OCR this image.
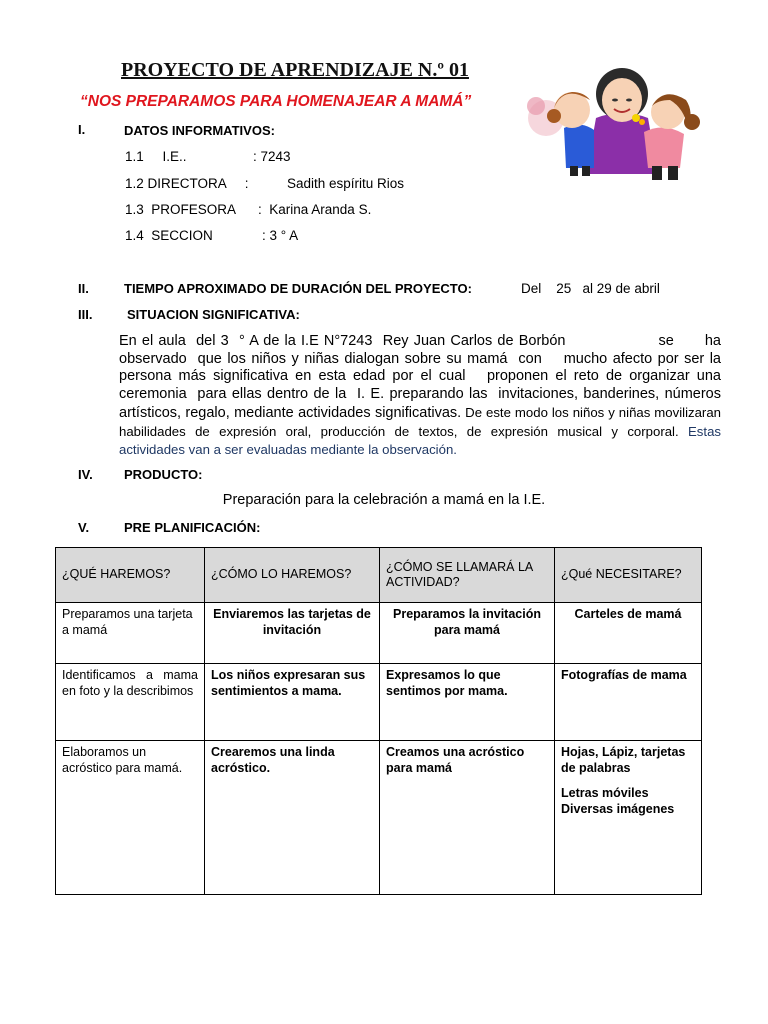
PROYECTO DE APRENDIZAJE N.º 01
“NOS PREPARAMOS PARA HOMENAJEAR A MAMÁ”
I.	DATOS INFORMATIVOS:
1.1     I.E..	: 7243
1.2 DIRECTORA     :	Sadith espíritu Rios
1.3  PROFESORA :  Karina Aranda S.
1.4  SECCION	: 3 ° A
II.	TIEMPO APROXIMADO DE DURACIÓN DEL PROYECTO:	Del    25   al 29 de abril
III.	SITUACION SIGNIFICATIVA:
En el aula  del 3  ° A de la I.E N°7243  Rey Juan Carlos de Borbón                  se      ha observado  que los niños y niñas dialogan sobre su mamá  con    mucho afecto por ser la persona más significativa en esta edad por el cual   proponen el reto de organizar una ceremonia  para ellas dentro de la  I. E. preparando las  invitaciones, banderines, números artísticos, regalo, mediante actividades significativas. De este modo los niños y niñas movilizaran habilidades de expresión oral, producción de textos, de expresión musical y corporal. Estas actividades van a ser evaluadas mediante la observación.
IV. PRODUCTO:
Preparación para la celebración a mamá en la I.E.
V.	PRE PLANIFICACIÓN:
¿QUÉ HAREMOS?	¿CÓMO LO HAREMOS?	¿CÓMO SE LLAMARÁ LA ACTIVIDAD?	¿Qué NECESITARE?
Preparamos una tarjeta a mamá	Enviaremos las tarjetas de invitación	Preparamos la invitación para mamá	Carteles de mamá
Identificamos a mama en foto y la describimos	Los niños expresaran sus sentimientos a mama.	Expresamos lo que sentimos por mama.	Fotografías de mama
Elaboramos un acróstico para mamá.	Crearemos una linda acróstico.	Creamos una acróstico para mamá	Hojas, Lápiz, tarjetas de palabras
Letras móviles
Diversas imágenes
